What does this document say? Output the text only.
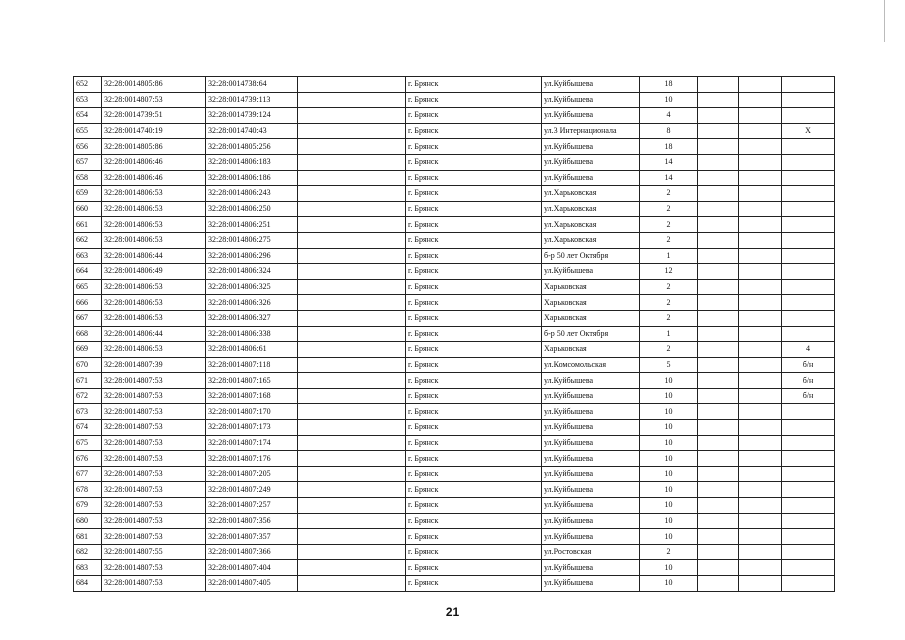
652	32:28:0014805:86	32:28:0014738:64		г. Брянск	ул.Куйбышева	18			
653	32:28:0014807:53	32:28:0014739:113		г. Брянск	ул.Куйбышева	10			
654	32:28:0014739:51	32:28:0014739:124		г. Брянск	ул.Куйбышева	4			
655	32:28:0014740:19	32:28:0014740:43		г. Брянск	ул.3 Интернационала	8			X
656	32:28:0014805:86	32:28:0014805:256		г. Брянск	ул.Куйбышева	18			
657	32:28:0014806:46	32:28:0014806:183		г. Брянск	ул.Куйбышева	14			
658	32:28:0014806:46	32:28:0014806:186		г. Брянск	ул.Куйбышева	14			
659	32:28:0014806:53	32:28:0014806:243		г. Брянск	ул.Харьковская	2			
660	32:28:0014806:53	32:28:0014806:250		г. Брянск	ул.Харьковская	2			
661	32:28:0014806:53	32:28:0014806:251		г. Брянск	ул.Харьковская	2			
662	32:28:0014806:53	32:28:0014806:275		г. Брянск	ул.Харьковская	2			
663	32:28:0014806:44	32:28:0014806:296		г. Брянск	б-р 50 лет Октября	1			
664	32:28:0014806:49	32:28:0014806:324		г. Брянск	ул.Куйбышева	12			
665	32:28:0014806:53	32:28:0014806:325		г. Брянск	Харьковская	2			
666	32:28:0014806:53	32:28:0014806:326		г. Брянск	Харьковская	2			
667	32:28:0014806:53	32:28:0014806:327		г. Брянск	Харьковская	2			
668	32:28:0014806:44	32:28:0014806:338		г. Брянск	б-р 50 лет Октября	1			
669	32:28:0014806:53	32:28:0014806:61		г. Брянск	Харьковская	2			4
670	32:28:0014807:39	32:28:0014807:118		г. Брянск	ул.Комсомольская	5			б/н
671	32:28:0014807:53	32:28:0014807:165		г. Брянск	ул.Куйбышева	10			б/н
672	32:28:0014807:53	32:28:0014807:168		г. Брянск	ул.Куйбышева	10			б/н
673	32:28:0014807:53	32:28:0014807:170		г. Брянск	ул.Куйбышева	10			
674	32:28:0014807:53	32:28:0014807:173		г. Брянск	ул.Куйбышева	10			
675	32:28:0014807:53	32:28:0014807:174		г. Брянск	ул.Куйбышева	10			
676	32:28:0014807:53	32:28:0014807:176		г. Брянск	ул.Куйбышева	10			
677	32:28:0014807:53	32:28:0014807:205		г. Брянск	ул.Куйбышева	10			
678	32:28:0014807:53	32:28:0014807:249		г. Брянск	ул.Куйбышева	10			
679	32:28:0014807:53	32:28:0014807:257		г. Брянск	ул.Куйбышева	10			
680	32:28:0014807:53	32:28:0014807:356		г. Брянск	ул.Куйбышева	10			
681	32:28:0014807:53	32:28:0014807:357		г. Брянск	ул.Куйбышева	10			
682	32:28:0014807:55	32:28:0014807:366		г. Брянск	ул.Ростовская	2			
683	32:28:0014807:53	32:28:0014807:404		г. Брянск	ул.Куйбышева	10			
684	32:28:0014807:53	32:28:0014807:405		г. Брянск	ул.Куйбышева	10			
21
